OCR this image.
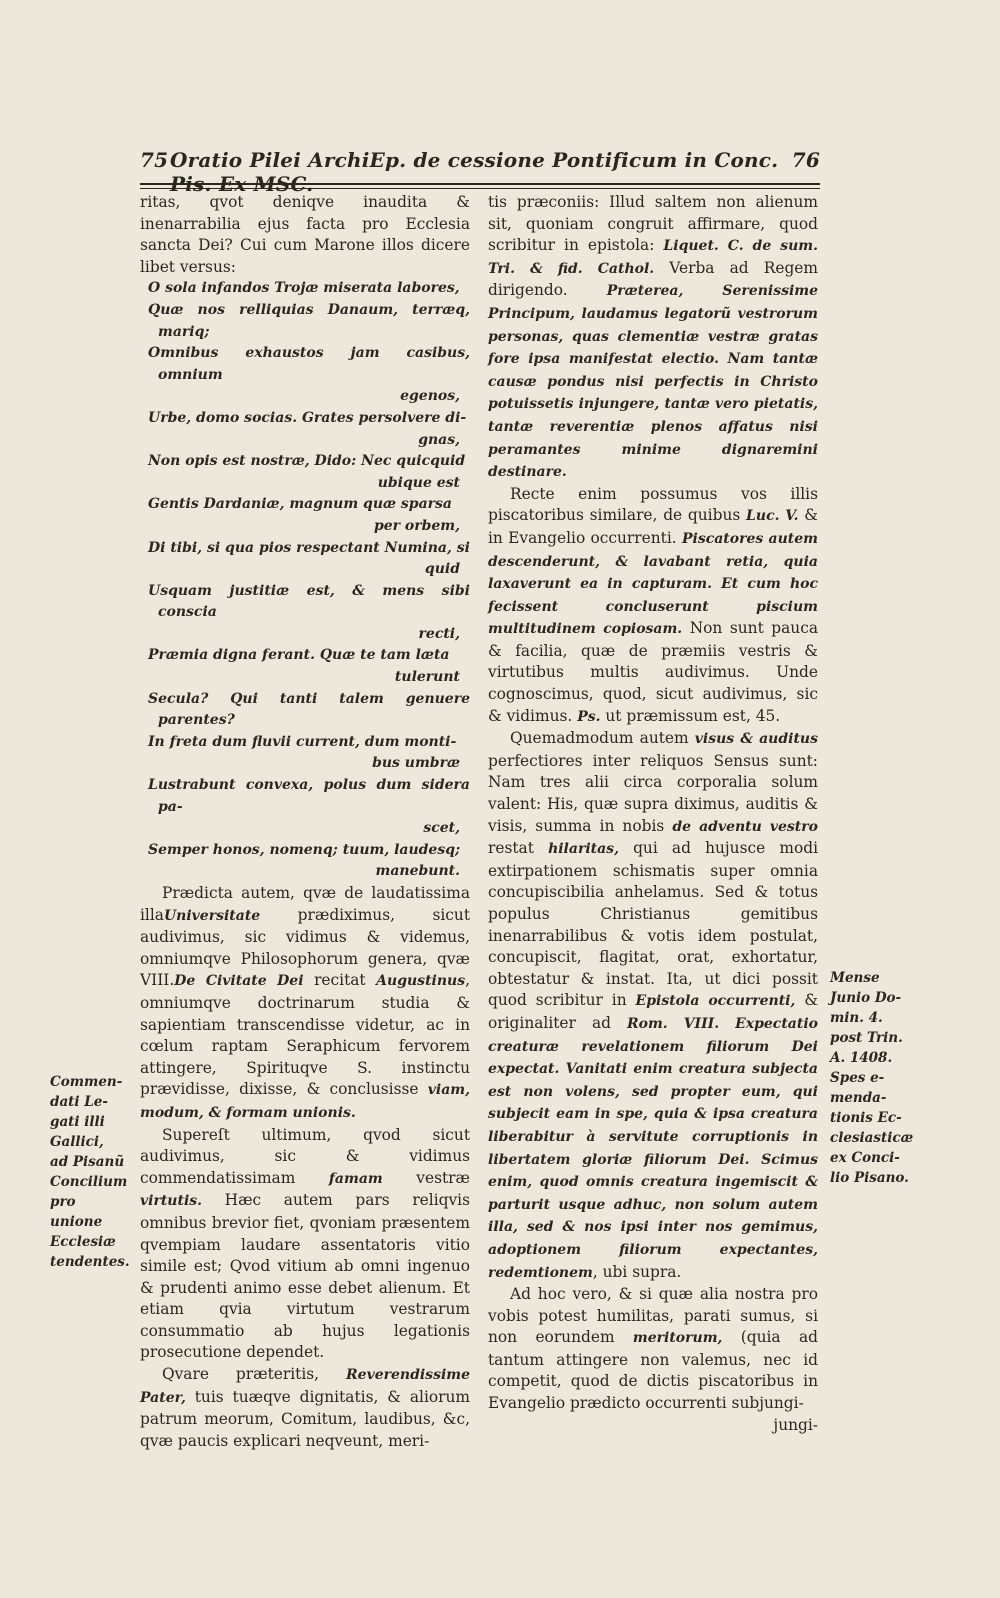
75 Oratio Pilei ArchiEp. de cessione Pontificum in Conc. Pis. Ex MSC.
76

ritas, qvot deniqve inaudita & inenarrabilia ejus facta pro Ecclesia sancta Dei? Cui cum Marone illos dicere libet versus:

O sola infandos Trojæ miserata labores,
Quæ nos relliquias Danaum, terræq, mariq;
Omnibus exhaustos jam casibus, omnium
egenos,
Urbe, domo socias. Grates persolvere di-
gnas,
Non opis est nostræ, Dido: Nec quicquid
ubique est
Gentis Dardaniæ, magnum quæ sparsa
per orbem,
Di tibi, si qua pios respectant Numina, si
quid
Usquam justitiæ est, & mens sibi conscia
recti,
Præmia digna ferant. Quæ te tam læta
tulerunt
Secula? Qui tanti talem genuere parentes?
In freta dum fluvii current, dum monti-
bus umbræ
Lustrabunt convexa, polus dum sidera pa-
scet,
Semper honos, nomenq; tuum, laudesq;
manebunt.

Prædicta autem, qvæ de laudatissima illaUniversitate prædiximus, sicut audivimus, sic vidimus & videmus, omniumqve Philosophorum genera, qvæ VIII.De Civitate Dei recitat Augustinus, omniumqve doctrinarum studia & sapientiam transcendisse videtur, ac in cœlum raptam Seraphicum fervorem attingere, Spirituqve S. instinctu prævidisse, dixisse, & conclusisse viam, modum, & formam unionis.

Supereſt ultimum, qvod sicut audivimus, sic & vidimus commendatissimam famam vestræ virtutis. Hæc autem pars reliqvis omnibus brevior fiet, qvoniam præsentem qvempiam laudare assentatoris vitio simile est; Qvod vitium ab omni ingenuo & prudenti animo esse debet alienum. Et etiam qvia virtutum vestrarum consummatio ab hujus legationis prosecutione dependet.

Qvare præteritis, Reverendissime Pater, tuis tuæqve dignitatis, & aliorum patrum meorum, Comitum, laudibus, &c, qvæ paucis explicari neqveunt, meri-

tis præconiis: Illud saltem non alienum sit, quoniam congruit affirmare, quod scribitur in epistola: Liquet. C. de sum. Tri. & fid. Cathol. Verba ad Regem dirigendo. Præterea, Serenissime Principum, laudamus legatorũ vestrorum personas, quas clementiæ vestræ gratas fore ipsa manifestat electio. Nam tantæ causæ pondus nisi perfectis in Christo potuissetis injungere, tantæ vero pietatis, tantæ reverentiæ plenos affatus nisi peramantes minime dignaremini destinare.

Recte enim possumus vos illis piscatoribus similare, de quibus Luc. V. & in Evangelio occurrenti. Piscatores autem descenderunt, & lavabant retia, quia laxaverunt ea in capturam. Et cum hoc fecissent concluserunt piscium multitudinem copiosam. Non sunt pauca & facilia, quæ de præmiis vestris & virtutibus multis audivimus. Unde cognoscimus, quod, sicut audivimus, sic & vidimus. Ps. ut præmissum est, 45.

Quemadmodum autem visus & auditus perfectiores inter reliquos Sensus sunt: Nam tres alii circa corporalia solum valent: His, quæ supra diximus, auditis & visis, summa in nobis de adventu vestro restat hilaritas, qui ad hujusce modi extirpationem schismatis super omnia concupiscibilia anhelamus. Sed & totus populus Christianus gemitibus inenarrabilibus & votis idem postulat, concupiscit, flagitat, orat, exhortatur, obtestatur & instat. Ita, ut dici possit quod scribitur in Epistola occurrenti, & originaliter ad Rom. VIII. Expectatio creaturæ revelationem filiorum Dei expectat. Vanitati enim creatura subjecta est non volens, sed propter eum, qui subjecit eam in spe, quia & ipsa creatura liberabitur à servitute corruptionis in libertatem gloriæ filiorum Dei. Scimus enim, quod omnis creatura ingemiscit & parturit usque adhuc, non solum autem illa, sed & nos ipsi inter nos gemimus, adoptionem filiorum expectantes, redemtionem, ubi supra.

Ad hoc vero, & si quæ alia nostra pro vobis potest humilitas, parati sumus, si non eorundem meritorum, (quia ad tantum attingere non valemus, nec id competit, quod de dictis piscatoribus in Evangelio prædicto occurrenti subjungi-

jungi-

Commen-
dati Le-
gati illi
Gallici,
ad Pisanũ
Concilium
pro unione
Ecclesiæ
tendentes.
Mense
Junio Do-
min. 4.
post Trin.
A. 1408.
Spes e-
menda-
tionis Ec-
clesiasticæ
ex Conci-
lio Pisano.
